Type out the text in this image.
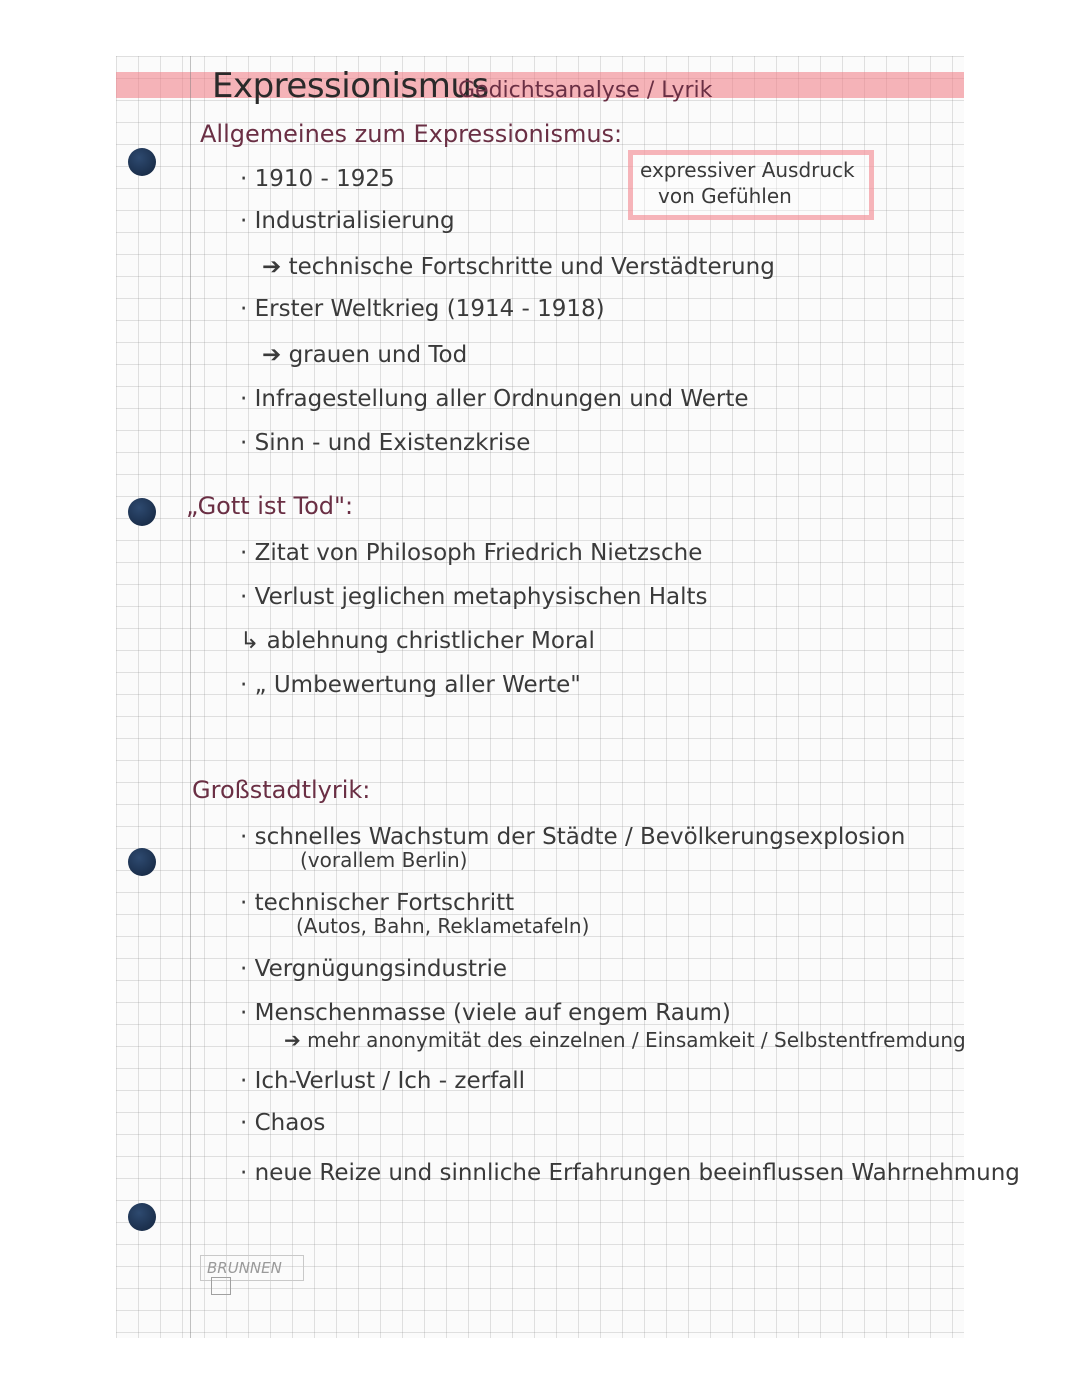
Expressionismus
Gedichtsanalyse / Lyrik
Allgemeines zum Expressionismus:
· 1910 - 1925
· Industrialisierung
➔ technische Fortschritte und Verstädterung
· Erster Weltkrieg (1914 - 1918)
➔ grauen und Tod
· Infragestellung aller Ordnungen und Werte
· Sinn - und Existenzkrise
expressiver Ausdruck
von Gefühlen
„Gott ist Tod":
· Zitat von Philosoph Friedrich Nietzsche
· Verlust jeglichen metaphysischen Halts
↳ ablehnung christlicher Moral
· „ Umbewertung aller Werte"
Großstadtlyrik:
· schnelles Wachstum der Städte / Bevölkerungsexplosion
(vorallem Berlin)
· technischer Fortschritt
(Autos, Bahn, Reklametafeln)
· Vergnügungsindustrie
· Menschenmasse (viele auf engem Raum)
➔ mehr anonymität des einzelnen / Einsamkeit / Selbstentfremdung
· Ich-Verlust / Ich - zerfall
· Chaos
· neue Reize und sinnliche Erfahrungen beeinflussen Wahrnehmung
BRUNNEN
